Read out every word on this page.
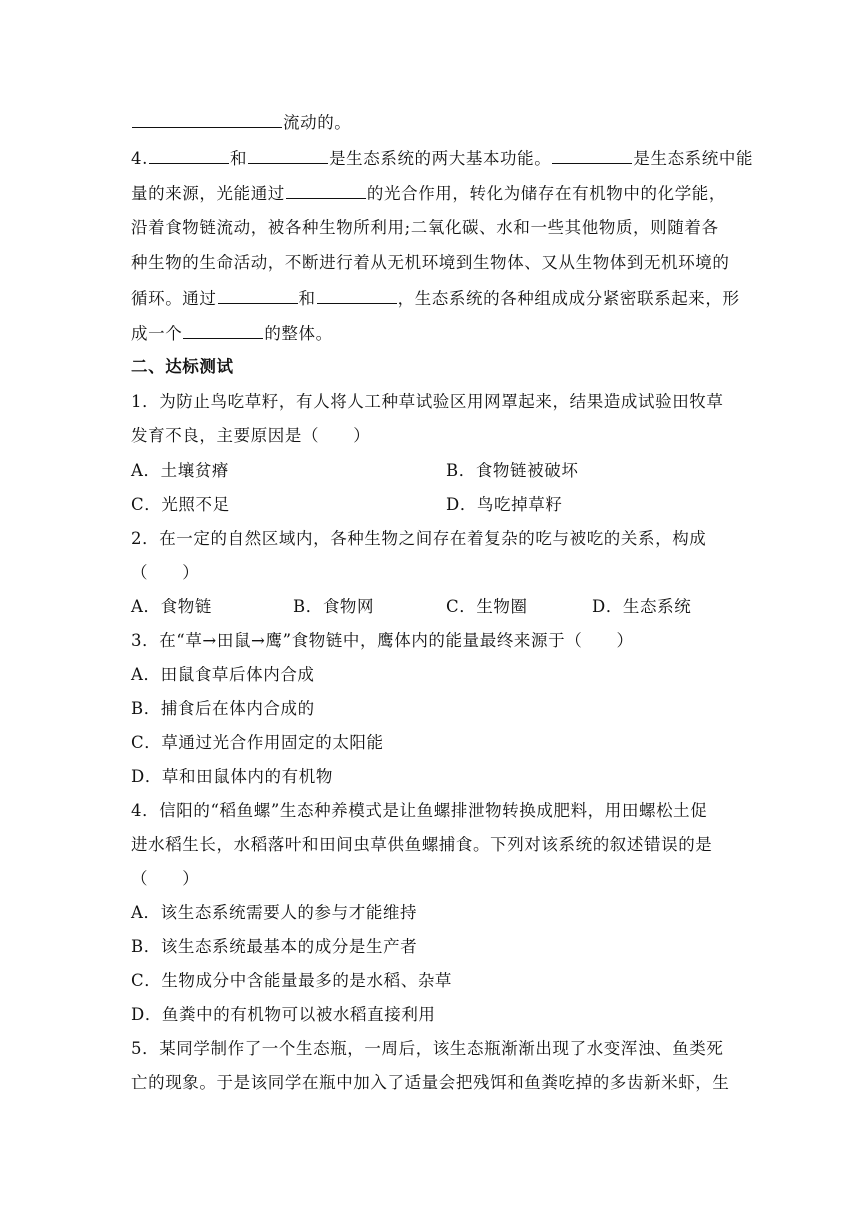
流动的。
4.	和	是生态系统的两大基本功能。	是生态系统中能
量的来源，光能通过	的光合作用，转化为储存在有机物中的化学能，
沿着食物链流动，被各种生物所利用;二氧化碳、水和一些其他物质，则随着各
种生物的生命活动，不断进行着从无机环境到生物体、又从生物体到无机环境的
循环。通过	和	，生态系统的各种组成成分紧密联系起来，形
成一个	的整体。
二、达标测试
1．为防止鸟吃草籽，有人将人工种草试验区用网罩起来，结果造成试验田牧草
发育不良，主要原因是（　　）
A．土壤贫瘠	B．食物链被破坏
C．光照不足	D．鸟吃掉草籽
2．在一定的自然区域内，各种生物之间存在着复杂的吃与被吃的关系，构成
（　　）
A．食物链	B．食物网	C．生物圈	D．生态系统
3．在“草→田鼠→鹰”食物链中，鹰体内的能量最终来源于（　　）
A．田鼠食草后体内合成
B．捕食后在体内合成的
C．草通过光合作用固定的太阳能
D．草和田鼠体内的有机物
4．信阳的“稻鱼螺”生态种养模式是让鱼螺排泄物转换成肥料，用田螺松土促
进水稻生长，水稻落叶和田间虫草供鱼螺捕食。下列对该系统的叙述错误的是
（　　）
A．该生态系统需要人的参与才能维持
B．该生态系统最基本的成分是生产者
C．生物成分中含能量最多的是水稻、杂草
D．鱼粪中的有机物可以被水稻直接利用
5．某同学制作了一个生态瓶，一周后，该生态瓶渐渐出现了水变浑浊、鱼类死
亡的现象。于是该同学在瓶中加入了适量会把残饵和鱼粪吃掉的多齿新米虾，生
